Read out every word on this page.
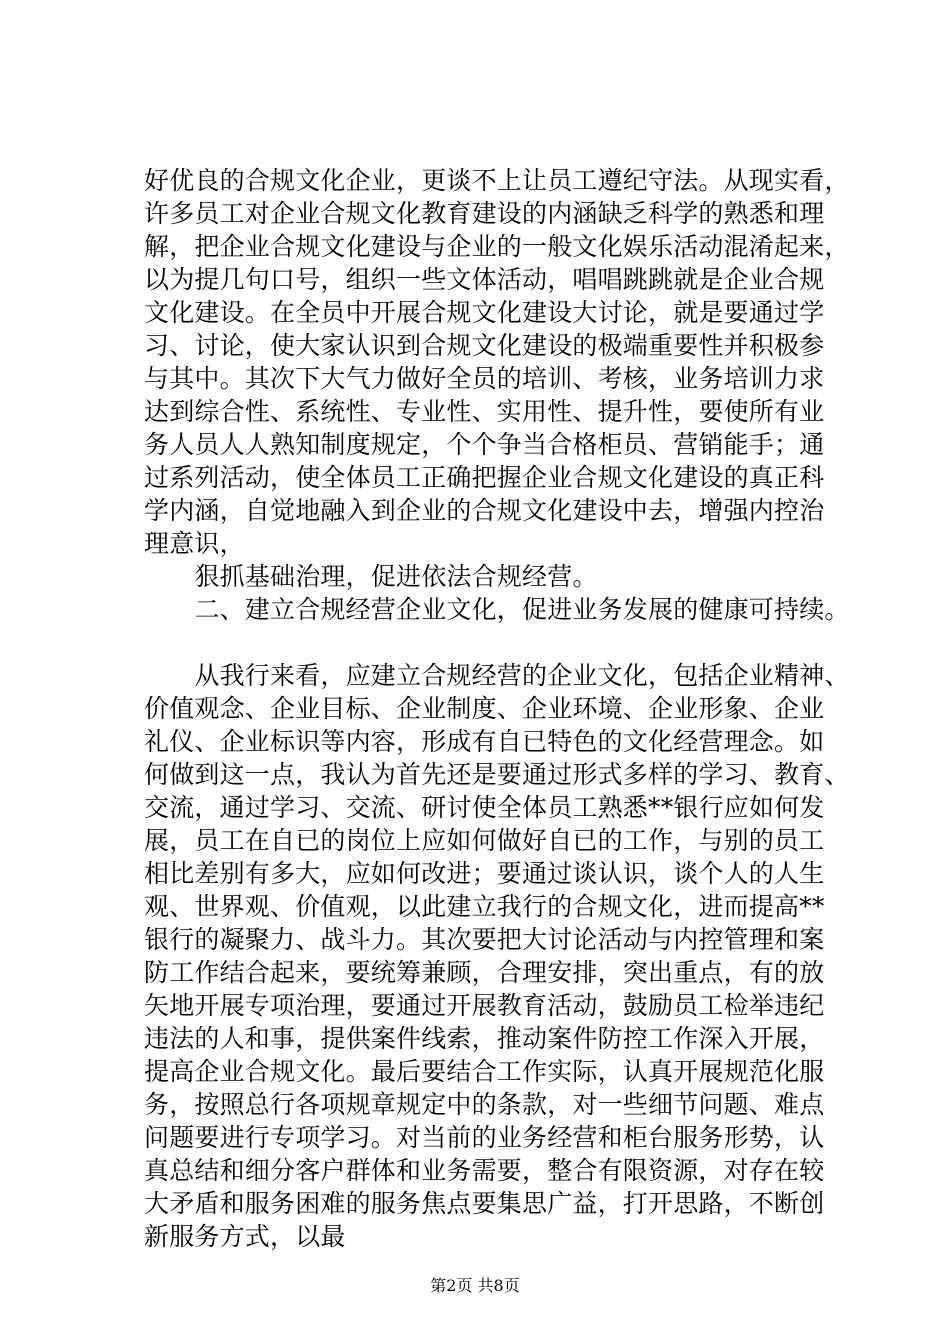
好优良的合规文化企业，更谈不上让员工遵纪守法。从现实看，
许多员工对企业合规文化教育建设的内涵缺乏科学的熟悉和理
解，把企业合规文化建设与企业的一般文化娱乐活动混淆起来，
以为提几句口号，组织一些文体活动，唱唱跳跳就是企业合规
文化建设。在全员中开展合规文化建设大讨论，就是要通过学
习、讨论，使大家认识到合规文化建设的极端重要性并积极参
与其中。其次下大气力做好全员的培训、考核，业务培训力求
达到综合性、系统性、专业性、实用性、提升性，要使所有业
务人员人人熟知制度规定，个个争当合格柜员、营销能手；通
过系列活动，使全体员工正确把握企业合规文化建设的真正科
学内涵，自觉地融入到企业的合规文化建设中去，增强内控治
理意识，
　　狠抓基础治理，促进依法合规经营。
　　二、建立合规经营企业文化，促进业务发展的健康可持续。
　　从我行来看，应建立合规经营的企业文化，包括企业精神、
价值观念、企业目标、企业制度、企业环境、企业形象、企业
礼仪、企业标识等内容，形成有自已特色的文化经营理念。如
何做到这一点，我认为首先还是要通过形式多样的学习、教育、
交流，通过学习、交流、研讨使全体员工熟悉**银行应如何发
展，员工在自已的岗位上应如何做好自已的工作，与别的员工
相比差别有多大，应如何改进；要通过谈认识，谈个人的人生
观、世界观、价值观，以此建立我行的合规文化，进而提高**
银行的凝聚力、战斗力。其次要把大讨论活动与内控管理和案
防工作结合起来，要统筹兼顾，合理安排，突出重点，有的放
矢地开展专项治理，要通过开展教育活动，鼓励员工检举违纪
违法的人和事，提供案件线索，推动案件防控工作深入开展，
提高企业合规文化。最后要结合工作实际，认真开展规范化服
务，按照总行各项规章规定中的条款，对一些细节问题、难点
问题要进行专项学习。对当前的业务经营和柜台服务形势，认
真总结和细分客户群体和业务需要，整合有限资源，对存在较
大矛盾和服务困难的服务焦点要集思广益，打开思路，不断创
新服务方式，以最
第2页 共8页
